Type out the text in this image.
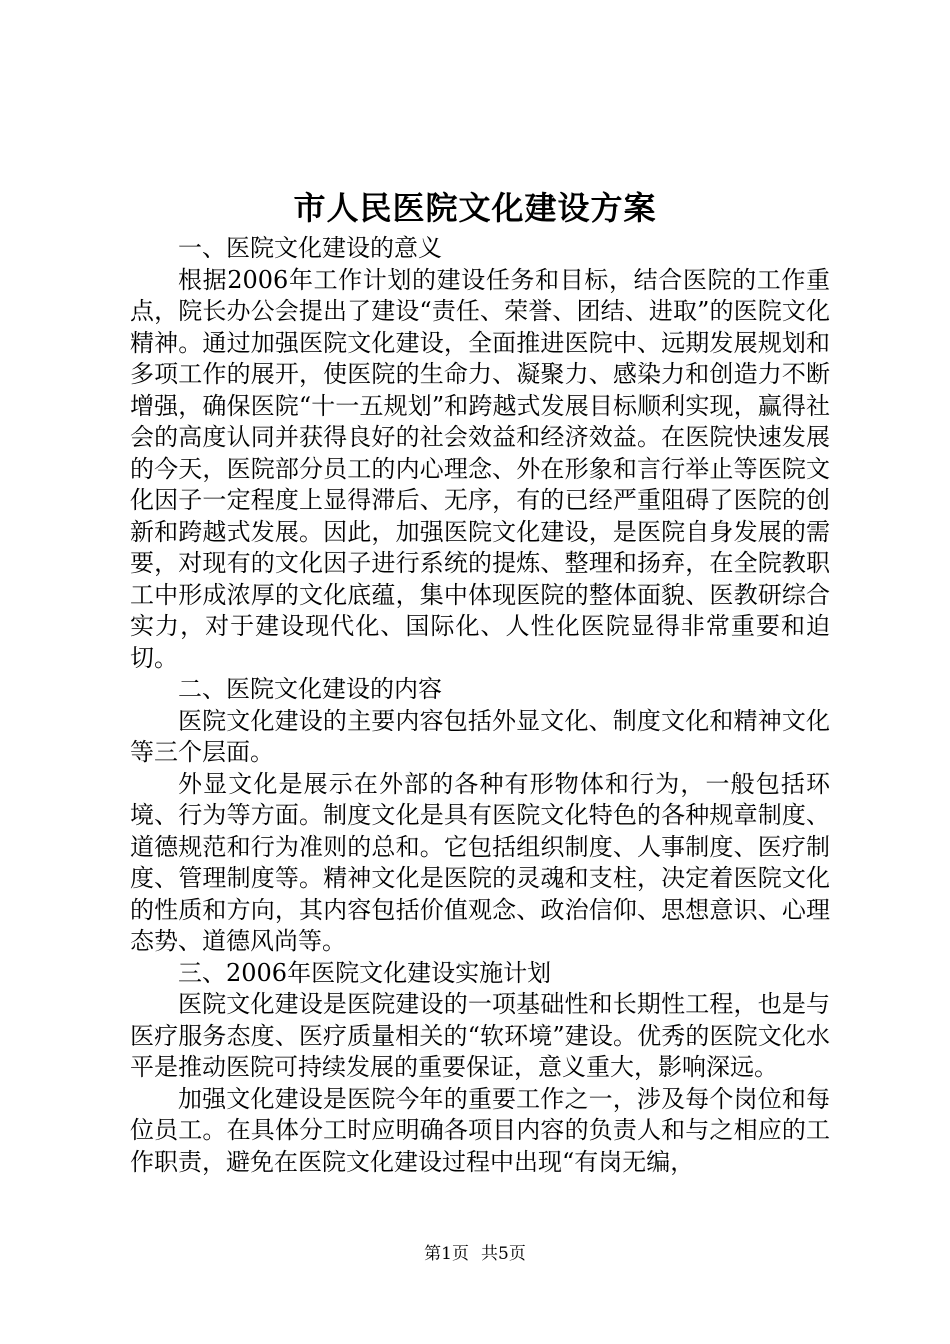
市人民医院文化建设方案

一、医院文化建设的意义

根据2006年工作计划的建设任务和目标，结合医院的工作重点，院长办公会提出了建设“责任、荣誉、团结、进取”的医院文化精神。通过加强医院文化建设，全面推进医院中、远期发展规划和多项工作的展开，使医院的生命力、凝聚力、感染力和创造力不断增强，确保医院“十一五规划”和跨越式发展目标顺利实现，赢得社会的高度认同并获得良好的社会效益和经济效益。在医院快速发展的今天，医院部分员工的内心理念、外在形象和言行举止等医院文化因子一定程度上显得滞后、无序，有的已经严重阻碍了医院的创新和跨越式发展。因此，加强医院文化建设，是医院自身发展的需要，对现有的文化因子进行系统的提炼、整理和扬弃，在全院教职工中形成浓厚的文化底蕴，集中体现医院的整体面貌、医教研综合实力，对于建设现代化、国际化、人性化医院显得非常重要和迫切。

二、医院文化建设的内容

医院文化建设的主要内容包括外显文化、制度文化和精神文化等三个层面。

外显文化是展示在外部的各种有形物体和行为，一般包括环境、行为等方面。制度文化是具有医院文化特色的各种规章制度、道德规范和行为准则的总和。它包括组织制度、人事制度、医疗制度、管理制度等。精神文化是医院的灵魂和支柱，决定着医院文化的性质和方向，其内容包括价值观念、政治信仰、思想意识、心理态势、道德风尚等。

三、2006年医院文化建设实施计划

医院文化建设是医院建设的一项基础性和长期性工程，也是与医疗服务态度、医疗质量相关的“软环境”建设。优秀的医院文化水平是推动医院可持续发展的重要保证，意义重大，影响深远。

加强文化建设是医院今年的重要工作之一，涉及每个岗位和每位员工。在具体分工时应明确各项目内容的负责人和与之相应的工作职责，避免在医院文化建设过程中出现“有岗无编，

第1页 共5页
